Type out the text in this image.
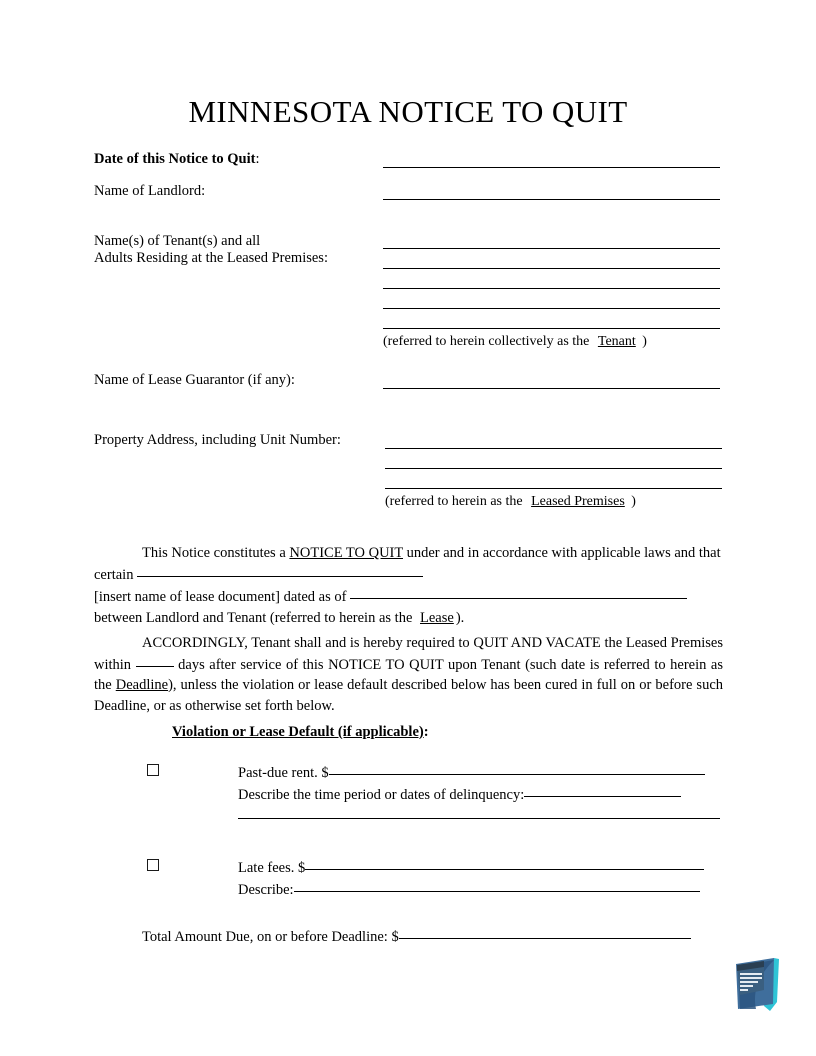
MINNESOTA NOTICE TO QUIT
Date of this Notice to Quit:
Name of Landlord:
Name(s) of Tenant(s) and all
Adults Residing at the Leased Premises:
(referred to herein collectively as the Tenant )
Name of Lease Guarantor (if any):
Property Address, including Unit Number:
(referred to herein as the Leased Premises )
This Notice constitutes a NOTICE TO QUIT under and in accordance with applicable laws and that certain
[insert name of lease document] dated as of
between Landlord and Tenant (referred to herein as the Lease ).
ACCORDINGLY, Tenant shall and is hereby required to QUIT AND VACATE the Leased Premises within	days after service of this NOTICE TO QUIT upon Tenant (such date is referred to herein as the Deadline), unless the violation or lease default described below has been cured in full on or before such Deadline, or as otherwise set forth below.
Violation or Lease Default (if applicable):
Past-due rent. $
Describe the time period or dates of delinquency:
Late fees. $
Describe:
Total Amount Due, on or before Deadline: $
